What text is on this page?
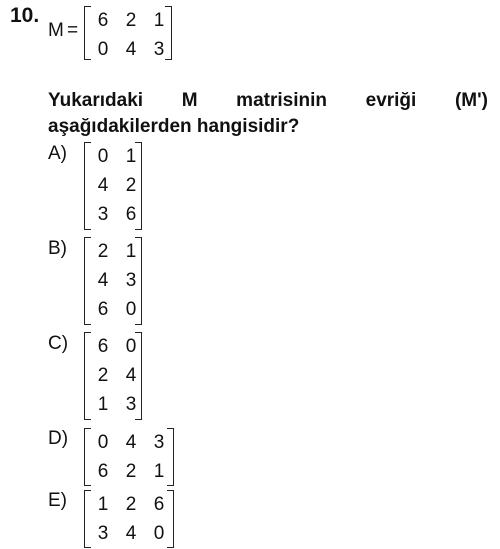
10.
M =	6 2 1
0 4 3
Yukarıdaki M matrisinin evriği (M')
aşağıdakilerden hangisidir?
A)	0 1
4 2
3 6
B)	2 1
4 3
6 0
C)	6 0
2 4
1 3
D)	0 4 3
6 2 1
E)	1 2 6
3 4 0
